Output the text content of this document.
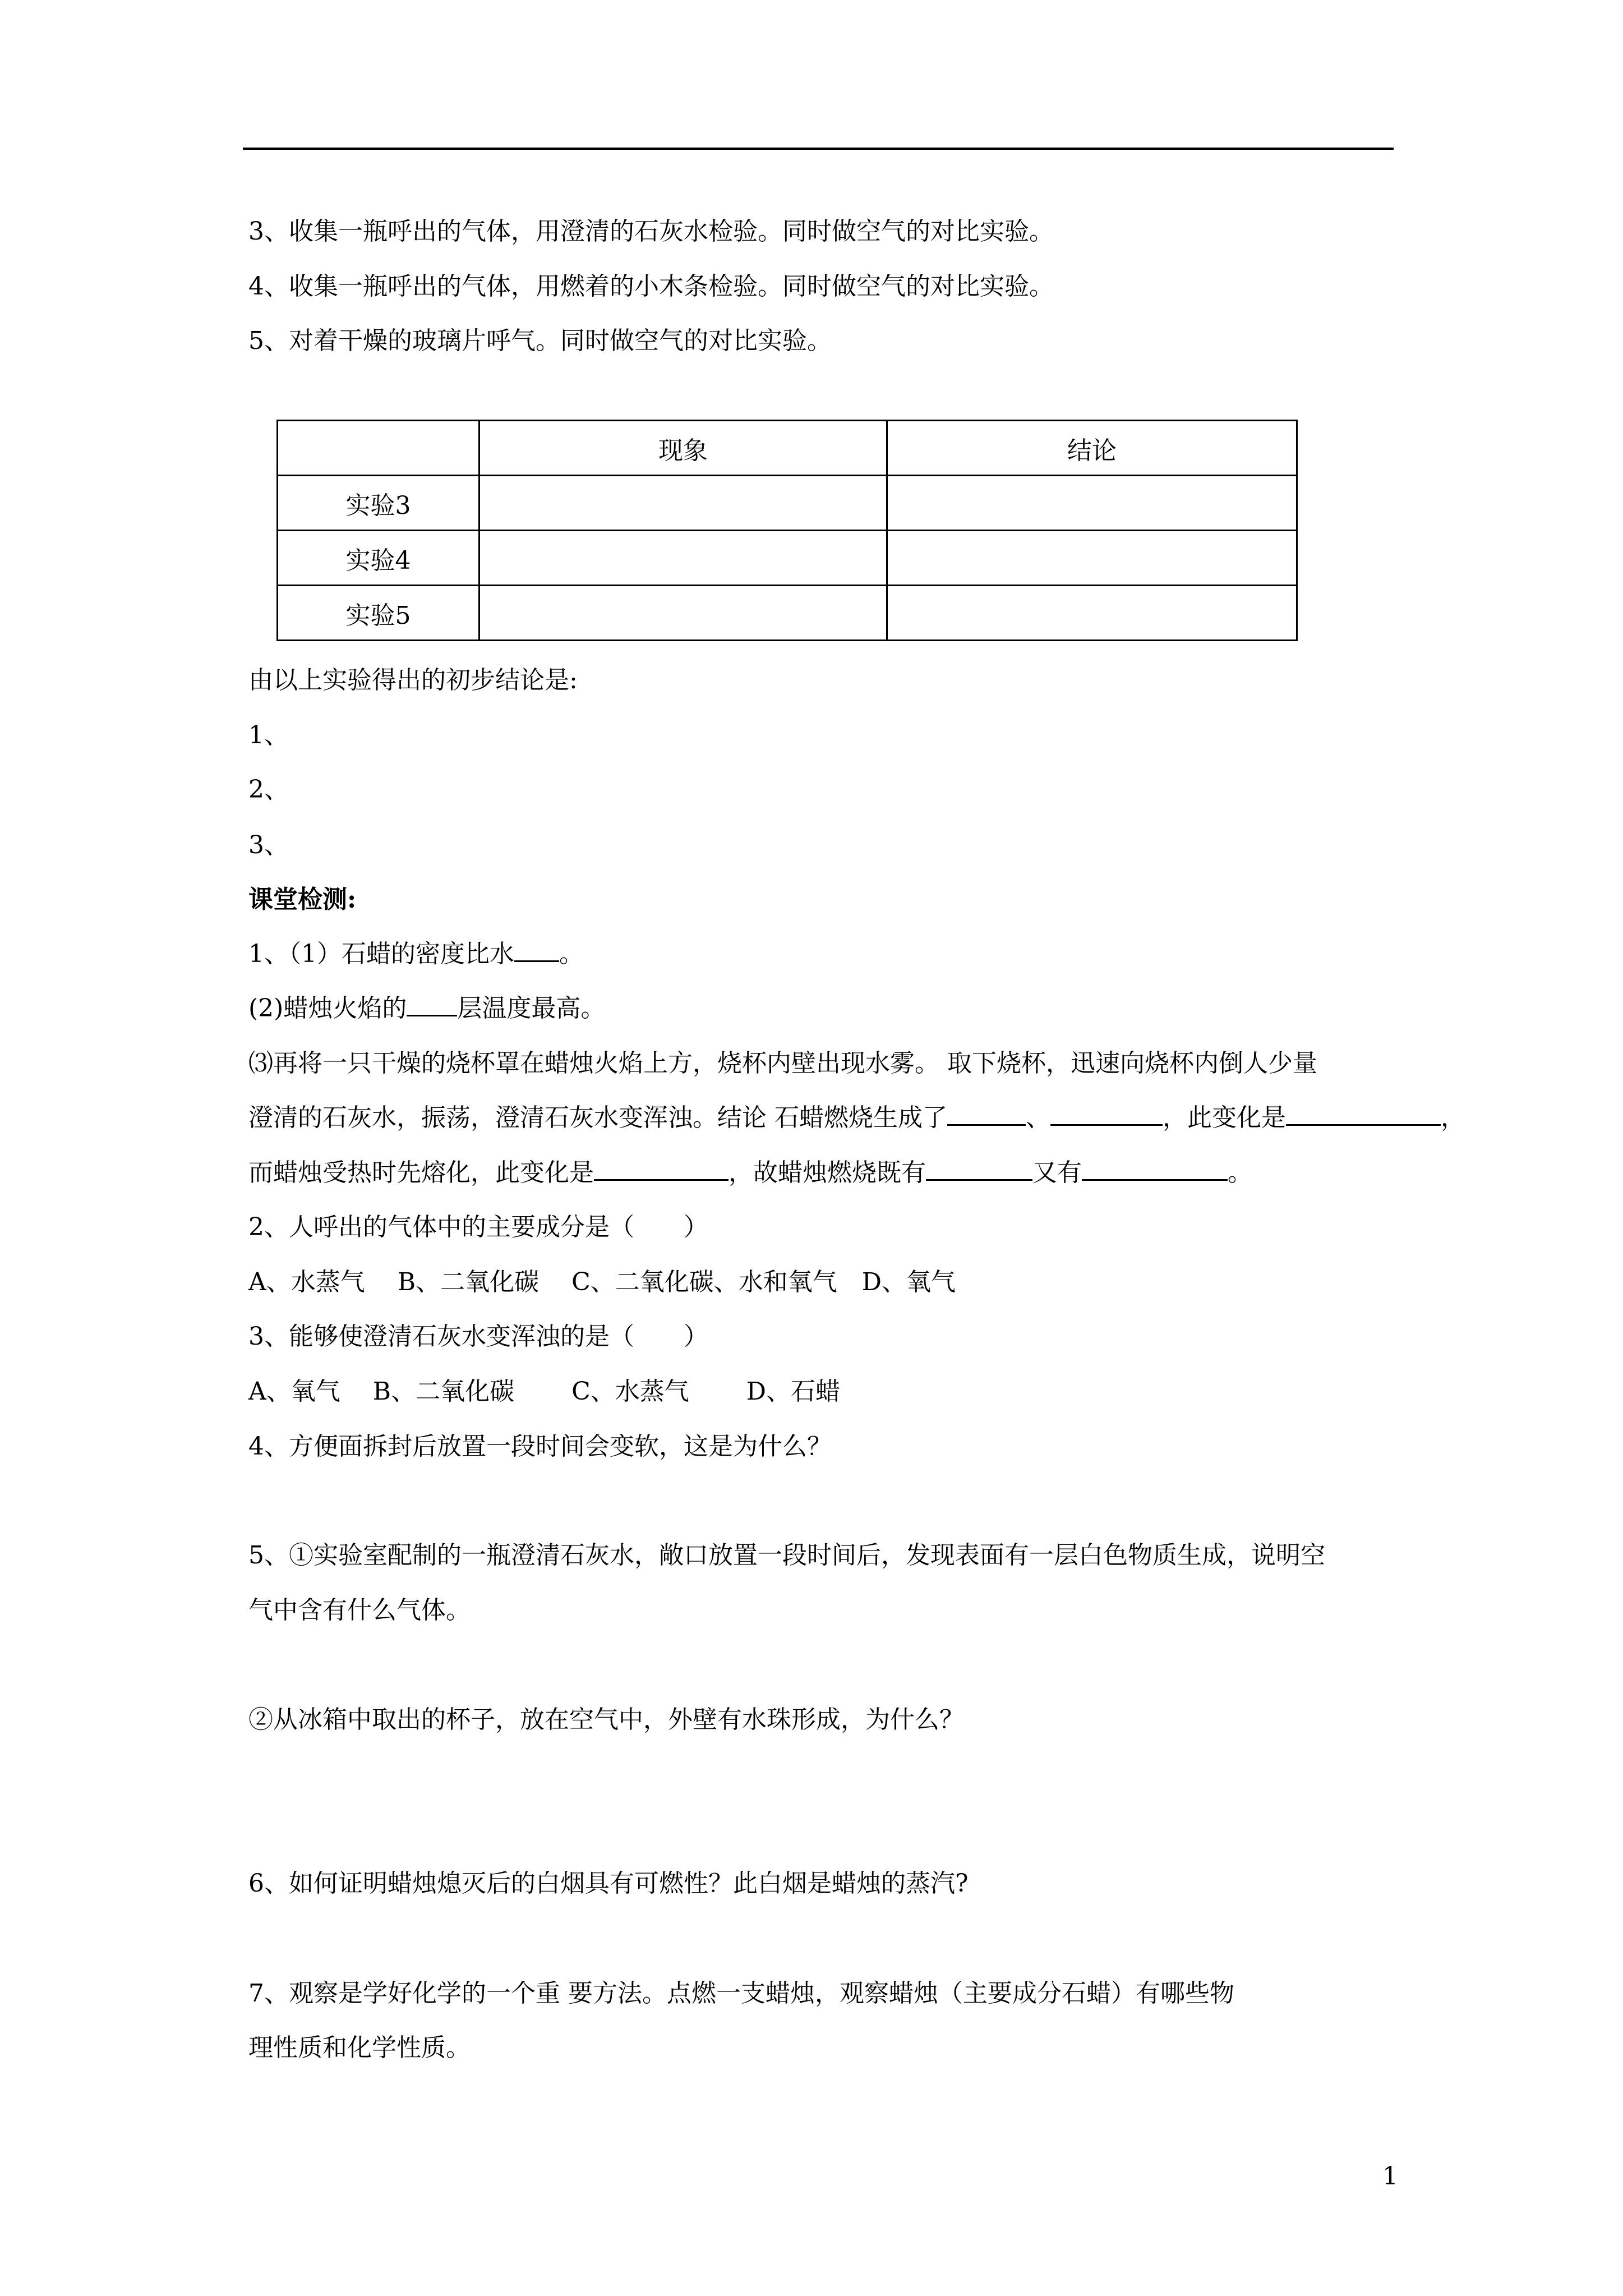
3、收集一瓶呼出的气体，用澄清的石灰水检验。同时做空气的对比实验。
4、收集一瓶呼出的气体，用燃着的小木条检验。同时做空气的对比实验。
5、对着干燥的玻璃片呼气。同时做空气的对比实验。
	现象	结论
实验3		
实验4		
实验5		
由以上实验得出的初步结论是:
1、
2、
3、
课堂检测:
1、（1）石蜡的密度比水 。
(2)蜡烛火焰的 层温度最高。
⑶再将一只干燥的烧杯罩在蜡烛火焰上方，烧杯内壁出现水雾。 取下烧杯，迅速向烧杯内倒人少量
澄清的石灰水，振荡，澄清石灰水变浑浊。结论 石蜡燃烧生成了	、	，此变化是	，
而蜡烛受热时先熔化，此变化是	，故蜡烛燃烧既有	又有	。
2、人呼出的气体中的主要成分是（　　）
A、水蒸气　 B、二氧化碳　 C、二氧化碳、水和氧气　D、氧气
3、能够使澄清石灰水变浑浊的是（　　）
A、氧气　 B、二氧化碳　　 C、水蒸气　　 D、石蜡
4、方便面拆封后放置一段时间会变软，这是为什么？
5、①实验室配制的一瓶澄清石灰水，敞口放置一段时间后，发现表面有一层白色物质生成，说明空
气中含有什么气体。
②从冰箱中取出的杯子，放在空气中，外壁有水珠形成，为什么？
6、如何证明蜡烛熄灭后的白烟具有可燃性？此白烟是蜡烛的蒸汽?
7、观察是学好化学的一个重 要方法。点燃一支蜡烛，观察蜡烛（主要成分石蜡）有哪些物
理性质和化学性质。
1
